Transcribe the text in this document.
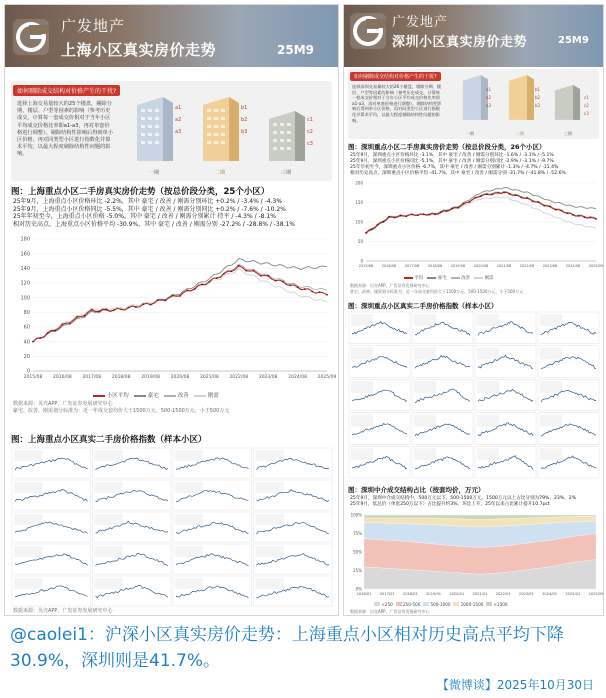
广发地产
上海小区真实房价走势	25M9
如何剔除成交结构对价格产生的干扰?
选择上海交易量较大的25个楼盘，剔除分期、楼层、户型等因素的影响（参考历史成交，计算每一套成交价相对于当年小区平均成交价格比率即a1-a3，再对单套价格进行调整）。剔除结构性影响后得到单小区价格，再对同类型小区进行指数化并算术平均，以最大程度剔除结构性问题的影响。
a1
a2
a3
b1
b2
b3
c1
c2
c3
一期	二期	三期
图：上海重点小区二手房真实房价走势（按总价段分类，25个小区）
25年9月，上海重点小区价格环比 -2.2%，其中 豪宅 / 改善 / 刚需分别环比 +0.2% / -3.4% / -4.3%
25年9月，上海重点小区价格同比 -5.5%，其中 豪宅 / 改善 / 刚需分别同比 +0.2% / -7.6% / -10.2%
25年年初至今，上海重点小区价格 -5.0%，其中 豪宅 / 改善 / 刚需分别累计 持平 / -4.3% / -8.1%
相对历史高点，上海重点小区价格平均 -30.9%，其中 豪宅 / 改善 / 刚需分别 -27.2% / -28.8% / -38.1%
0
20
40
60
80
100
120
140
160
180
2015/08 2016/08 2017/08 2018/08 2019/08 2020/08 2021/08 2022/08 2023/08 2024/08 2025/09
小区平均	豪宅	改善	刚需
数据来源：贝壳APP，广发证券发展研究中心
豪宅、改善、刚需划分标准为：近一年成交套均价大于1500万元、500-1500万元、小于500万元
图：上海重点小区真实二手房价格指数（样本小区）
数据来源：贝壳APP，广发证券发展研究中心
广发地产
深圳小区真实房价走势	25M9
如何剔除成交结构对价格产生的干扰?
选择深圳交易量较大的26个楼盘，剔除分期、楼层、户型等因素的影响（参考历史成交，计算每一套成交价相对于当年小区平均成交价格比率即a1-a3，再对单套价格进行调整）。剔除结构性影响后得到单小区价格，再对同类型小区进行指数化并算术平均，以最大程度剔除结构性问题的影响。
a1
a2
a3
b1
b2
b3
c1
c2
c3
一期	二期	三期
图：深圳重点小区二手房真实房价走势（按总价段分类，26个小区）
25年9月，深圳重点小区价格环比 -3.1%，其中 豪宅 / 改善 / 刚需分别环比 -1.6% / -3.1% / -5.1%
25年9月，深圳重点小区价格同比 -5.1%，其中 豪宅 / 改善 / 刚需分别同比 -2.9% / -3.1% / -9.7%
25年年初至今，深圳重点小区价格 -6.7%，其中 豪宅 / 改善 / 刚需分别累计 -1.3% / -4.7% / -11.4%
相对历史高点，深圳重点小区价格平均 -41.7%，其中 豪宅 / 改善 / 刚需分别 -31.7% / -41.8% / -52.6%
0
50
100
150
200
2015/08 2016/08 2017/08 2018/08 2019/08 2020/08 2021/08 2022/08 2023/08 2024/08 2025/09
平均	豪宅	改善	刚需
数据来源：贝壳APP，广发证券发展研究中心
豪宅、改善、刚需划分标准为：近一年成交套均价大于1500万元、500-1500万元、小于500万元
图：深圳重点小区真实二手房价格指数（样本小区）
图：深圳中介成交结构占比（按套均价，万元）
25年9月，深圳中介成交结构中，500万元以下、500-1500万元、1500万元以上占比分别为79%、23%、2%
25年9月，低总价（单套250万以下）占比提升约3%，环比上升，25年以来占比累计提升10.7pct
0%
25%
50%
75%
100%
2016/01 2017/01 2018/01 2019/01 2020/01 2021/01 2022/01 2023/01 2024/01 2025/01 2025/09
<250 250-500 500-1000 1000-1500 >1500
数据来源：贝壳APP，广发证券发展研究中心
@caolei1：沪深小区真实房价走势：上海重点小区相对历史高点平均下降30.9%，深圳则是41.7%。
【微博谈】2025年10月30日
